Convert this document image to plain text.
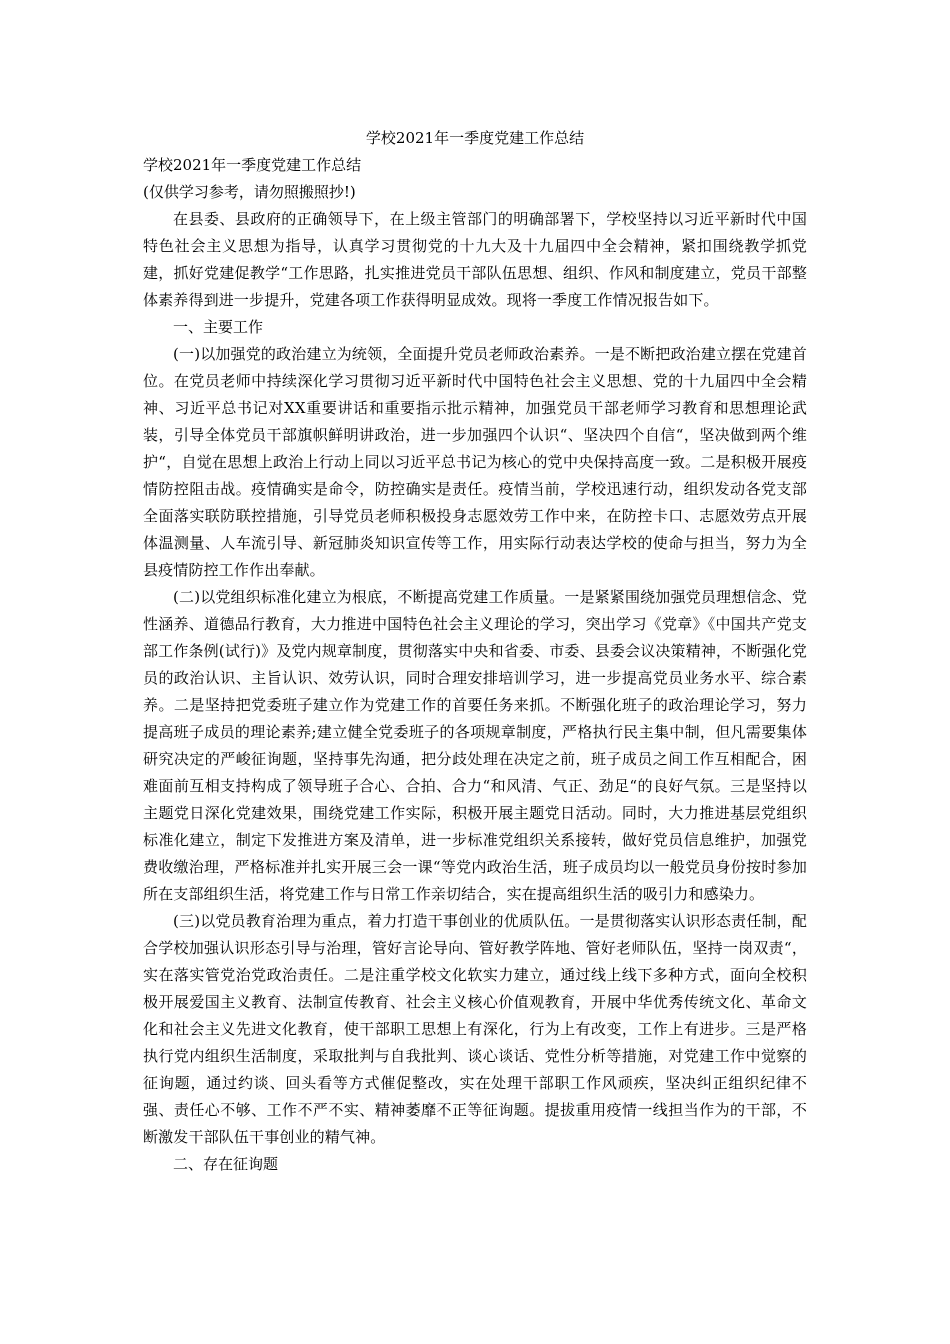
学校2021年一季度党建工作总结

学校2021年一季度党建工作总结

(仅供学习参考，请勿照搬照抄!)

在县委、县政府的正确领导下，在上级主管部门的明确部署下，学校坚持以习近平新时代中国特色社会主义思想为指导，认真学习贯彻党的十九大及十九届四中全会精神，紧扣围绕教学抓党建，抓好党建促教学“工作思路，扎实推进党员干部队伍思想、组织、作风和制度建立，党员干部整体素养得到进一步提升，党建各项工作获得明显成效。现将一季度工作情况报告如下。

一、主要工作

(一)以加强党的政治建立为统领，全面提升党员老师政治素养。一是不断把政治建立摆在党建首位。在党员老师中持续深化学习贯彻习近平新时代中国特色社会主义思想、党的十九届四中全会精神、习近平总书记对XX重要讲话和重要指示批示精神，加强党员干部老师学习教育和思想理论武装，引导全体党员干部旗帜鲜明讲政治，进一步加强四个认识“、坚决四个自信“，坚决做到两个维护“，自觉在思想上政治上行动上同以习近平总书记为核心的党中央保持高度一致。二是积极开展疫情防控阻击战。疫情确实是命令，防控确实是责任。疫情当前，学校迅速行动，组织发动各党支部全面落实联防联控措施，引导党员老师积极投身志愿效劳工作中来，在防控卡口、志愿效劳点开展体温测量、人车流引导、新冠肺炎知识宣传等工作，用实际行动表达学校的使命与担当，努力为全县疫情防控工作作出奉献。

(二)以党组织标准化建立为根底，不断提高党建工作质量。一是紧紧围绕加强党员理想信念、党性涵养、道德品行教育，大力推进中国特色社会主义理论的学习，突出学习《党章》《中国共产党支部工作条例(试行)》及党内规章制度，贯彻落实中央和省委、市委、县委会议决策精神，不断强化党员的政治认识、主旨认识、效劳认识，同时合理安排培训学习，进一步提高党员业务水平、综合素养。二是坚持把党委班子建立作为党建工作的首要任务来抓。不断强化班子的政治理论学习，努力提高班子成员的理论素养;建立健全党委班子的各项规章制度，严格执行民主集中制，但凡需要集体研究决定的严峻征询题，坚持事先沟通，把分歧处理在决定之前，班子成员之间工作互相配合，困难面前互相支持构成了领导班子合心、合拍、合力“和风清、气正、劲足“的良好气氛。三是坚持以主题党日深化党建效果，围绕党建工作实际，积极开展主题党日活动。同时，大力推进基层党组织标准化建立，制定下发推进方案及清单，进一步标准党组织关系接转，做好党员信息维护，加强党费收缴治理，严格标准并扎实开展三会一课“等党内政治生活，班子成员均以一般党员身份按时参加所在支部组织生活，将党建工作与日常工作亲切结合，实在提高组织生活的吸引力和感染力。

(三)以党员教育治理为重点，着力打造干事创业的优质队伍。一是贯彻落实认识形态责任制，配合学校加强认识形态引导与治理，管好言论导向、管好教学阵地、管好老师队伍，坚持一岗双责“，实在落实管党治党政治责任。二是注重学校文化软实力建立，通过线上线下多种方式，面向全校积极开展爱国主义教育、法制宣传教育、社会主义核心价值观教育，开展中华优秀传统文化、革命文化和社会主义先进文化教育，使干部职工思想上有深化，行为上有改变，工作上有进步。三是严格执行党内组织生活制度，采取批判与自我批判、谈心谈话、党性分析等措施，对党建工作中觉察的征询题，通过约谈、回头看等方式催促整改，实在处理干部职工作风顽疾，坚决纠正组织纪律不强、责任心不够、工作不严不实、精神萎靡不正等征询题。提拔重用疫情一线担当作为的干部，不断激发干部队伍干事创业的精气神。

二、存在征询题
